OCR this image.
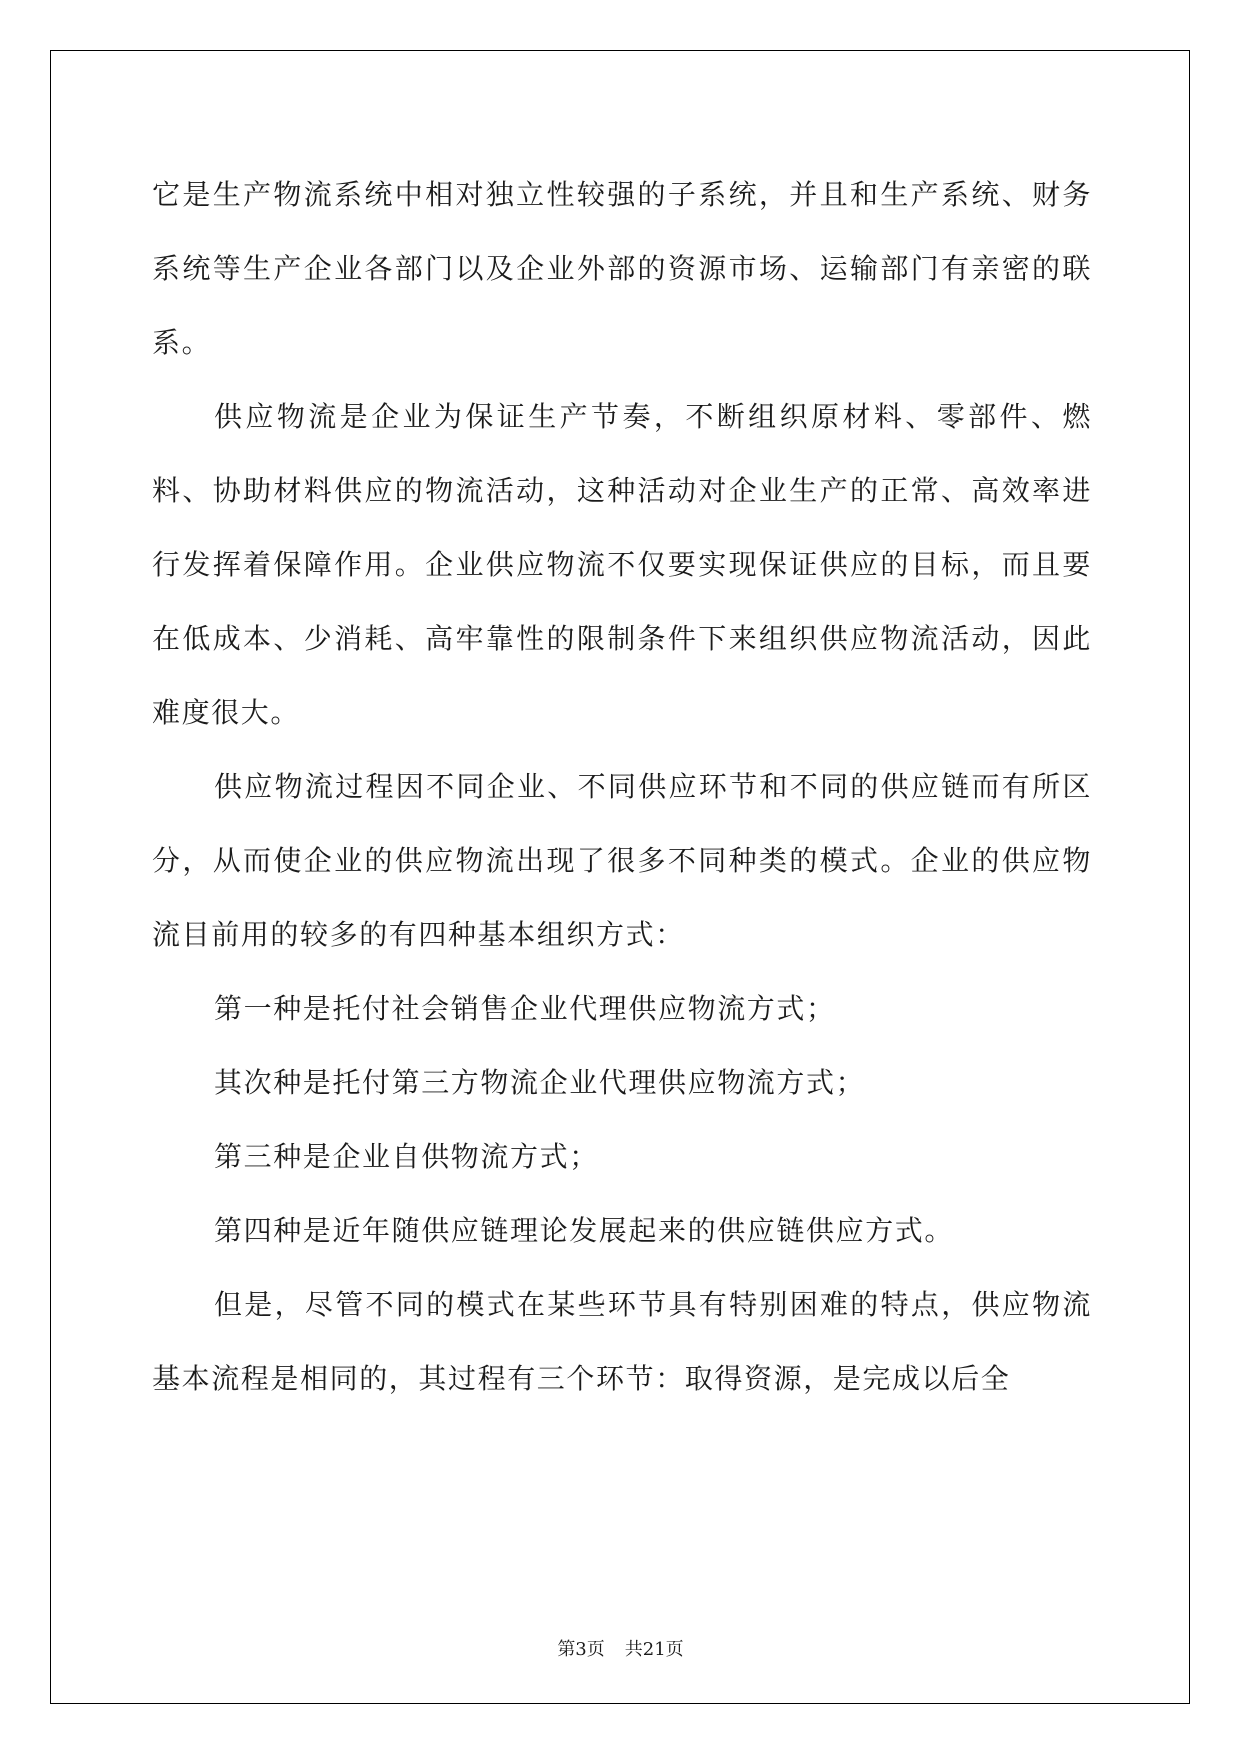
它是生产物流系统中相对独立性较强的子系统，并且和生产系统、财务系统等生产企业各部门以及企业外部的资源市场、运输部门有亲密的联系。

供应物流是企业为保证生产节奏，不断组织原材料、零部件、燃料、协助材料供应的物流活动，这种活动对企业生产的正常、高效率进行发挥着保障作用。企业供应物流不仅要实现保证供应的目标，而且要在低成本、少消耗、高牢靠性的限制条件下来组织供应物流活动，因此难度很大。

供应物流过程因不同企业、不同供应环节和不同的供应链而有所区分，从而使企业的供应物流出现了很多不同种类的模式。企业的供应物流目前用的较多的有四种基本组织方式：

第一种是托付社会销售企业代理供应物流方式；

其次种是托付第三方物流企业代理供应物流方式；

第三种是企业自供物流方式；

第四种是近年随供应链理论发展起来的供应链供应方式。

但是，尽管不同的模式在某些环节具有特别困难的特点，供应物流基本流程是相同的，其过程有三个环节：取得资源，是完成以后全

第3页 共21页
